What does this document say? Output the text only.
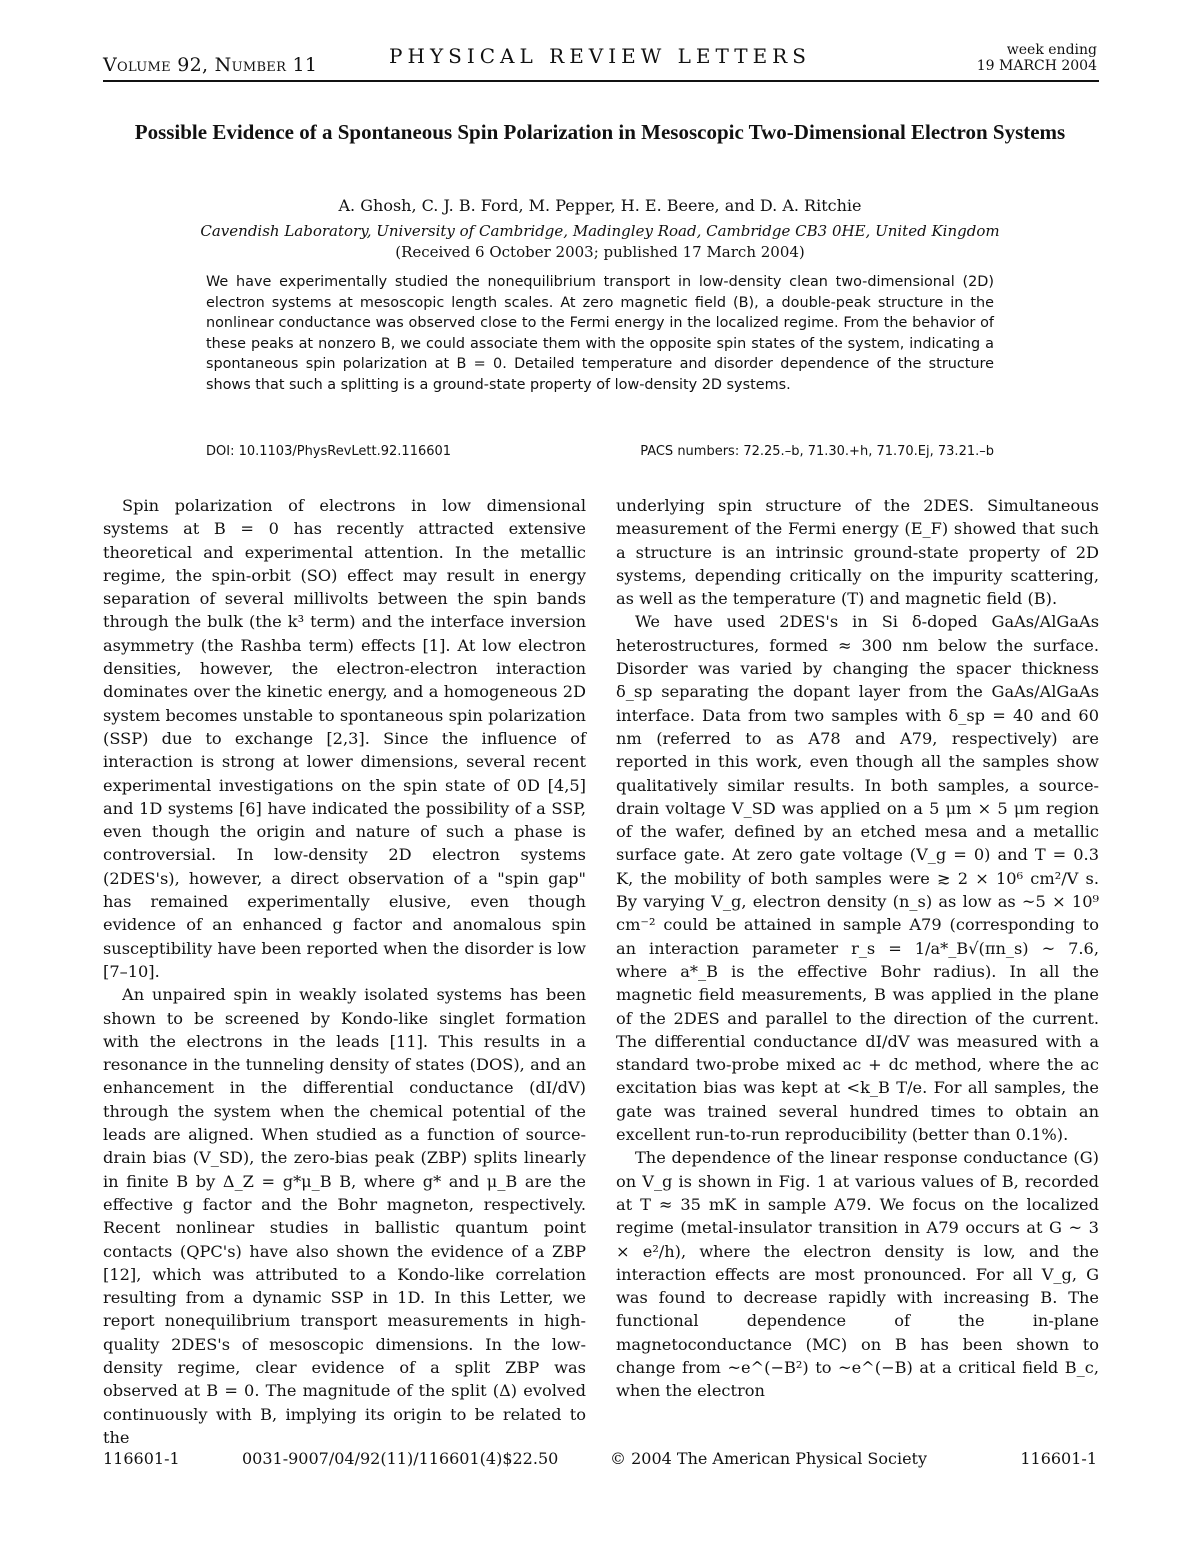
Volume 92, Number 11	PHYSICAL REVIEW LETTERS	week ending
19 MARCH 2004
Possible Evidence of a Spontaneous Spin Polarization in Mesoscopic Two-Dimensional Electron Systems
A. Ghosh, C. J. B. Ford, M. Pepper, H. E. Beere, and D. A. Ritchie
Cavendish Laboratory, University of Cambridge, Madingley Road, Cambridge CB3 0HE, United Kingdom
(Received 6 October 2003; published 17 March 2004)
We have experimentally studied the nonequilibrium transport in low-density clean two-dimensional (2D) electron systems at mesoscopic length scales. At zero magnetic field (B), a double-peak structure in the nonlinear conductance was observed close to the Fermi energy in the localized regime. From the behavior of these peaks at nonzero B, we could associate them with the opposite spin states of the system, indicating a spontaneous spin polarization at B = 0. Detailed temperature and disorder dependence of the structure shows that such a splitting is a ground-state property of low-density 2D systems.
DOI: 10.1103/PhysRevLett.92.116601	PACS numbers: 72.25.–b, 71.30.+h, 71.70.Ej, 73.21.–b

Spin polarization of electrons in low dimensional systems at B = 0 has recently attracted extensive theoretical and experimental attention. In the metallic regime, the spin-orbit (SO) effect may result in energy separation of several millivolts between the spin bands through the bulk (the k³ term) and the interface inversion asymmetry (the Rashba term) effects [1]. At low electron densities, however, the electron-electron interaction dominates over the kinetic energy, and a homogeneous 2D system becomes unstable to spontaneous spin polarization (SSP) due to exchange [2,3]. Since the influence of interaction is strong at lower dimensions, several recent experimental investigations on the spin state of 0D [4,5] and 1D systems [6] have indicated the possibility of a SSP, even though the origin and nature of such a phase is controversial. In low-density 2D electron systems (2DES's), however, a direct observation of a "spin gap" has remained experimentally elusive, even though evidence of an enhanced g factor and anomalous spin susceptibility have been reported when the disorder is low [7–10].

An unpaired spin in weakly isolated systems has been shown to be screened by Kondo-like singlet formation with the electrons in the leads [11]. This results in a resonance in the tunneling density of states (DOS), and an enhancement in the differential conductance (dI/dV) through the system when the chemical potential of the leads are aligned. When studied as a function of source-drain bias (V_SD), the zero-bias peak (ZBP) splits linearly in finite B by Δ_Z = g*μ_B B, where g* and μ_B are the effective g factor and the Bohr magneton, respectively. Recent nonlinear studies in ballistic quantum point contacts (QPC's) have also shown the evidence of a ZBP [12], which was attributed to a Kondo-like correlation resulting from a dynamic SSP in 1D. In this Letter, we report nonequilibrium transport measurements in high-quality 2DES's of mesoscopic dimensions. In the low-density regime, clear evidence of a split ZBP was observed at B = 0. The magnitude of the split (Δ) evolved continuously with B, implying its origin to be related to the

underlying spin structure of the 2DES. Simultaneous measurement of the Fermi energy (E_F) showed that such a structure is an intrinsic ground-state property of 2D systems, depending critically on the impurity scattering, as well as the temperature (T) and magnetic field (B).

We have used 2DES's in Si δ-doped GaAs/AlGaAs heterostructures, formed ≈ 300 nm below the surface. Disorder was varied by changing the spacer thickness δ_sp separating the dopant layer from the GaAs/AlGaAs interface. Data from two samples with δ_sp = 40 and 60 nm (referred to as A78 and A79, respectively) are reported in this work, even though all the samples show qualitatively similar results. In both samples, a source-drain voltage V_SD was applied on a 5 μm × 5 μm region of the wafer, defined by an etched mesa and a metallic surface gate. At zero gate voltage (V_g = 0) and T = 0.3 K, the mobility of both samples were ≳ 2 × 10⁶ cm²/V s. By varying V_g, electron density (n_s) as low as ~5 × 10⁹ cm⁻² could be attained in sample A79 (corresponding to an interaction parameter r_s = 1/a*_B√(πn_s) ~ 7.6, where a*_B is the effective Bohr radius). In all the magnetic field measurements, B was applied in the plane of the 2DES and parallel to the direction of the current. The differential conductance dI/dV was measured with a standard two-probe mixed ac + dc method, where the ac excitation bias was kept at <k_B T/e. For all samples, the gate was trained several hundred times to obtain an excellent run-to-run reproducibility (better than 0.1%).

The dependence of the linear response conductance (G) on V_g is shown in Fig. 1 at various values of B, recorded at T ≈ 35 mK in sample A79. We focus on the localized regime (metal-insulator transition in A79 occurs at G ~ 3 × e²/h), where the electron density is low, and the interaction effects are most pronounced. For all V_g, G was found to decrease rapidly with increasing B. The functional dependence of the in-plane magnetoconductance (MC) on B has been shown to change from ~e^(−B²) to ~e^(−B) at a critical field B_c, when the electron

116601-1	0031-9007/04/92(11)/116601(4)$22.50	© 2004 The American Physical Society	116601-1
